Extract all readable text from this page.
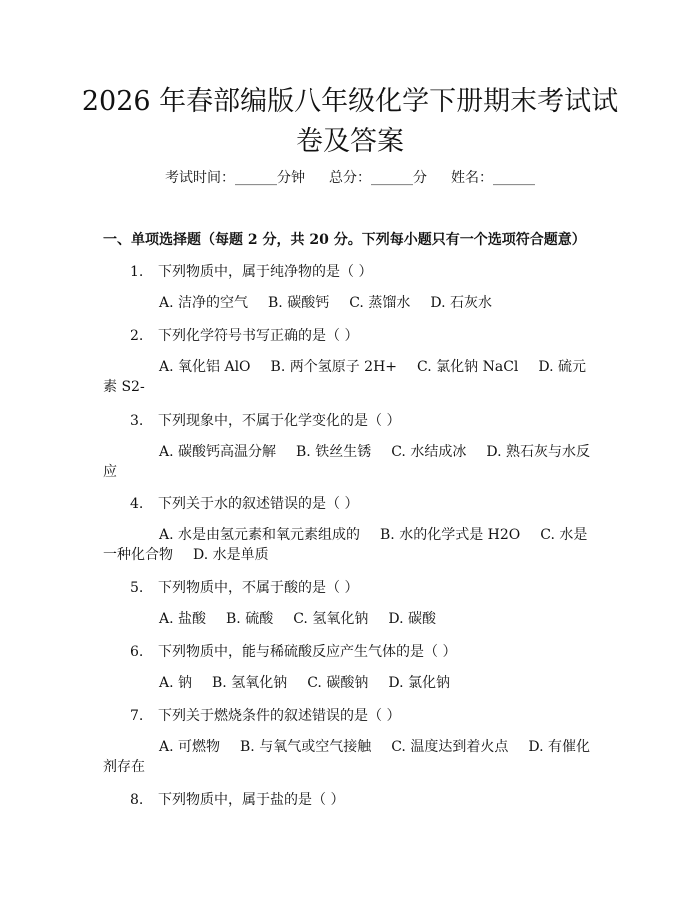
2026 年春部编版八年级化学下册期末考试试
卷及答案
考试时间：______分钟 总分：______分 姓名：______
一、单项选择题（每题 2 分，共 20 分。下列每小题只有一个选项符合题意）
1. 下列物质中，属于纯净物的是（ ）
A. 洁净的空气 B. 碳酸钙 C. 蒸馏水 D. 石灰水
2. 下列化学符号书写正确的是（ ）
A. 氧化铝 AlO B. 两个氢原子 2H+ C. 氯化钠 NaCl D. 硫元素 S2-
3. 下列现象中，不属于化学变化的是（ ）
A. 碳酸钙高温分解 B. 铁丝生锈 C. 水结成冰 D. 熟石灰与水反应
4. 下列关于水的叙述错误的是（ ）
A. 水是由氢元素和氧元素组成的 B. 水的化学式是 H2O C. 水是一种化合物 D. 水是单质
5. 下列物质中，不属于酸的是（ ）
A. 盐酸 B. 硫酸 C. 氢氧化钠 D. 碳酸
6. 下列物质中，能与稀硫酸反应产生气体的是（ ）
A. 钠 B. 氢氧化钠 C. 碳酸钠 D. 氯化钠
7. 下列关于燃烧条件的叙述错误的是（ ）
A. 可燃物 B. 与氧气或空气接触 C. 温度达到着火点 D. 有催化剂存在
8. 下列物质中，属于盐的是（ ）
